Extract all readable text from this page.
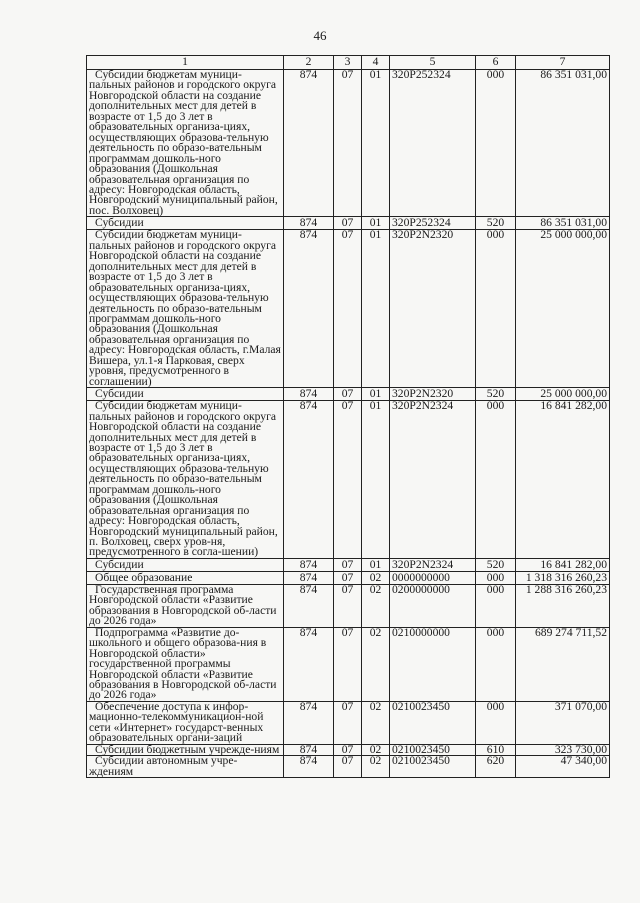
46
1	2	3	4	5	6	7
Субсидии бюджетам муници-пальных районов и городского округа Новгородской области на создание дополнительных мест для детей в возрасте от 1,5 до 3 лет в образовательных организа-циях, осуществляющих образова-тельную деятельность по образо-вательным программам дошколь-ного образования (Дошкольная образовательная организация по адресу: Новгородская область, Новгородский муниципальный район, пос. Волховец)	874	07	01	320P252324	000	86 351 031,00
Субсидии	874	07	01	320P252324	520	86 351 031,00
Субсидии бюджетам муници-пальных районов и городского округа Новгородской области на создание дополнительных мест для детей в возрасте от 1,5 до 3 лет в образовательных организа-циях, осуществляющих образова-тельную деятельность по образо-вательным программам дошколь-ного образования (Дошкольная образовательная организация по адресу: Новгородская область, г.Малая Вишера, ул.1-я Парковая, сверх уровня, предусмотренного в соглашении)	874	07	01	320P2N2320	000	25 000 000,00
Субсидии	874	07	01	320P2N2320	520	25 000 000,00
Субсидии бюджетам муници-пальных районов и городского округа Новгородской области на создание дополнительных мест для детей в возрасте от 1,5 до 3 лет в образовательных организа-циях, осуществляющих образова-тельную деятельность по образо-вательным программам дошколь-ного образования (Дошкольная образовательная организация по адресу: Новгородская область, Новгородский муниципальный район, п. Волховец, сверх уров-ня, предусмотренного в согла-шении)	874	07	01	320P2N2324	000	16 841 282,00
Субсидии	874	07	01	320P2N2324	520	16 841 282,00
Общее образование	874	07	02	0000000000	000	1 318 316 260,23
Государственная программа Новгородской области «Развитие образования в Новгородской об-ласти до 2026 года»	874	07	02	0200000000	000	1 288 316 260,23
Подпрограмма «Развитие до-школьного и общего образова-ния в Новгородской области» государственной программы Новгородской области «Развитие образования в Новгородской об-ласти до 2026 года»	874	07	02	0210000000	000	689 274 711,52
Обеспечение доступа к инфор-мационно-телекоммуникацион-ной сети «Интернет» государст-венных образовательных органи-заций	874	07	02	0210023450	000	371 070,00
Субсидии бюджетным учрежде-ниям	874	07	02	0210023450	610	323 730,00
Субсидии автономным учре-ждениям	874	07	02	0210023450	620	47 340,00
